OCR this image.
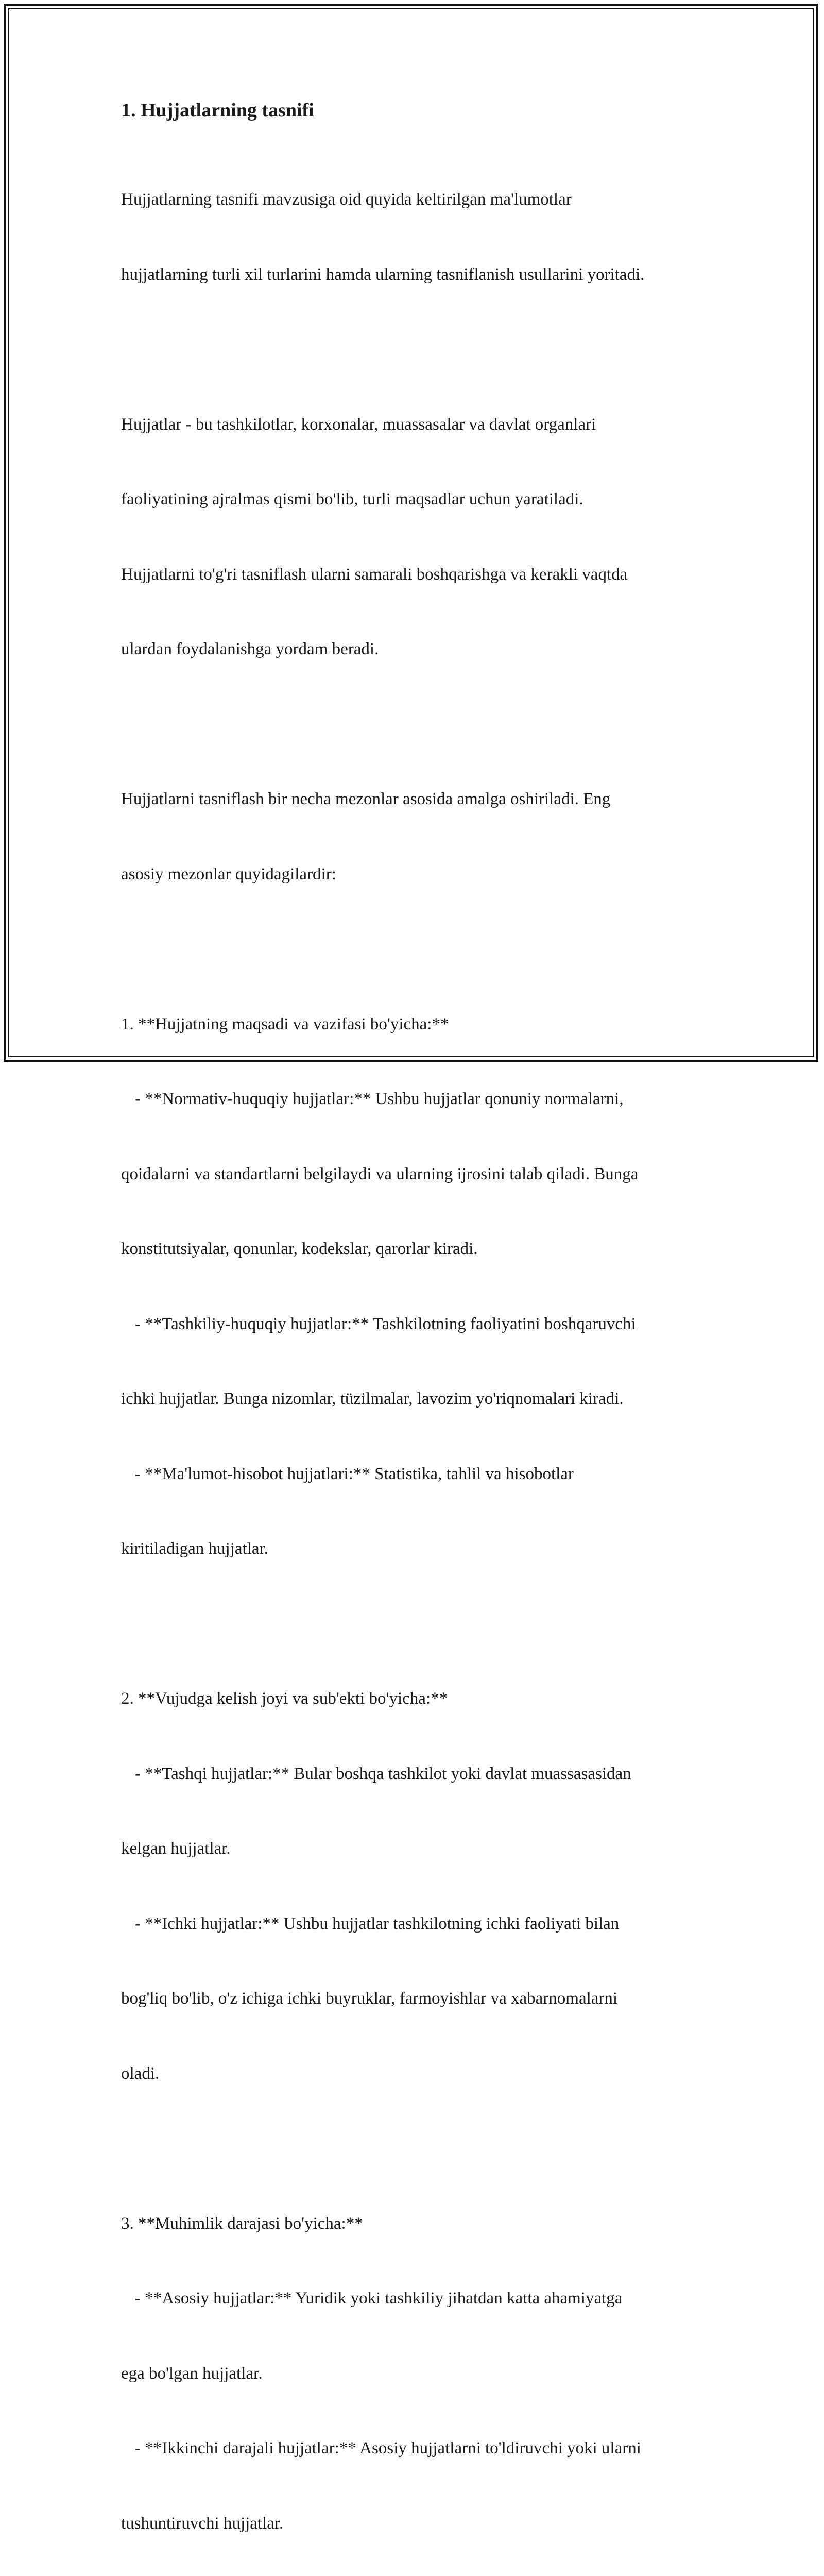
1. Hujjatlarning tasnifi

Hujjatlarning tasnifi mavzusiga oid quyida keltirilgan ma'lumotlar

hujjatlarning turli xil turlarini hamda ularning tasniflanish usullarini yoritadi.

Hujjatlar - bu tashkilotlar, korxonalar, muassasalar va davlat organlari

faoliyatining ajralmas qismi bo'lib, turli maqsadlar uchun yaratiladi.

Hujjatlarni to'g'ri tasniflash ularni samarali boshqarishga va kerakli vaqtda

ulardan foydalanishga yordam beradi.

Hujjatlarni tasniflash bir necha mezonlar asosida amalga oshiriladi. Eng

asosiy mezonlar quyidagilardir:

1. **Hujjatning maqsadi va vazifasi bo'yicha:**

- **Normativ-huquqiy hujjatlar:** Ushbu hujjatlar qonuniy normalarni,

qoidalarni va standartlarni belgilaydi va ularning ijrosini talab qiladi. Bunga

konstitutsiyalar, qonunlar, kodekslar, qarorlar kiradi.

- **Tashkiliy-huquqiy hujjatlar:** Tashkilotning faoliyatini boshqaruvchi

ichki hujjatlar. Bunga nizomlar, tüzilmalar, lavozim yo'riqnomalari kiradi.

- **Ma'lumot-hisobot hujjatlari:** Statistika, tahlil va hisobotlar

kiritiladigan hujjatlar.

2. **Vujudga kelish joyi va sub'ekti bo'yicha:**

- **Tashqi hujjatlar:** Bular boshqa tashkilot yoki davlat muassasasidan

kelgan hujjatlar.

- **Ichki hujjatlar:** Ushbu hujjatlar tashkilotning ichki faoliyati bilan

bog'liq bo'lib, o'z ichiga ichki buyruklar, farmoyishlar va xabarnomalarni

oladi.

3. **Muhimlik darajasi bo'yicha:**

- **Asosiy hujjatlar:** Yuridik yoki tashkiliy jihatdan katta ahamiyatga

ega bo'lgan hujjatlar.

- **Ikkinchi darajali hujjatlar:** Asosiy hujjatlarni to'ldiruvchi yoki ularni

tushuntiruvchi hujjatlar.
